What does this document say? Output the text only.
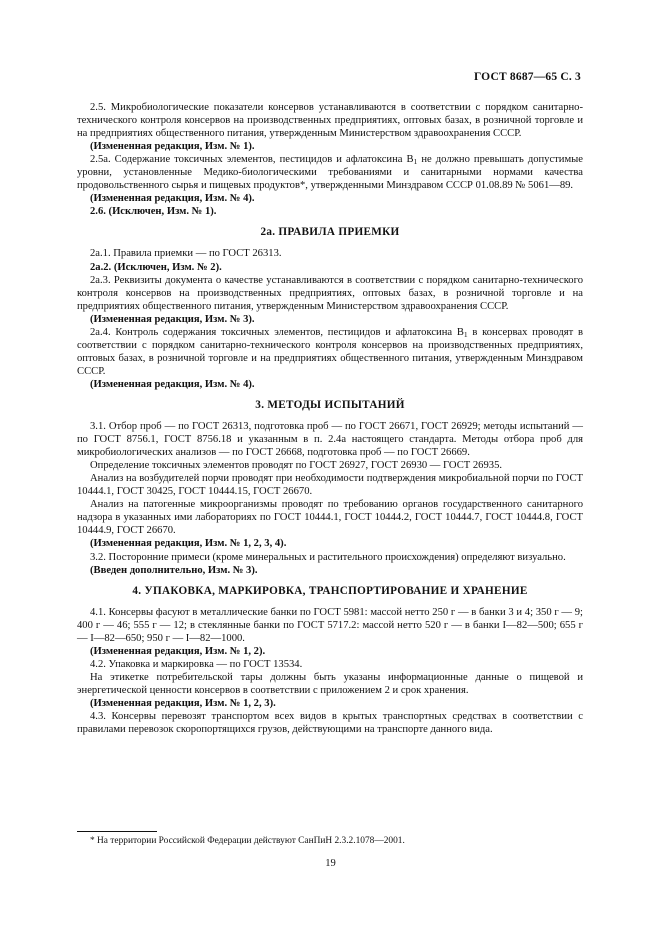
ГОСТ 8687—65 С. 3

2.5. Микробиологические показатели консервов устанавливаются в соответствии с порядком санитарно-технического контроля консервов на производственных предприятиях, оптовых базах, в розничной торговле и на предприятиях общественного питания, утвержденным Министерством здравоохранения СССР.

(Измененная редакция, Изм. № 1).

2.5а. Содержание токсичных элементов, пестицидов и афлатоксина $B_1$ не должно превышать допустимые уровни, установленные Медико-биологическими требованиями и санитарными нормами качества продовольственного сырья и пищевых продуктов*, утвержденными Минздравом СССР 01.08.89 № 5061—89.

(Измененная редакция, Изм. № 4).

2.6. (Исключен, Изм. № 1).

2а. ПРАВИЛА ПРИЕМКИ

2а.1. Правила приемки — по ГОСТ 26313.

2а.2. (Исключен, Изм. № 2).

2а.3. Реквизиты документа о качестве устанавливаются в соответствии с порядком санитарно-технического контроля консервов на производственных предприятиях, оптовых базах, в розничной торговле и на предприятиях общественного питания, утвержденным Министерством здравоохранения СССР.

(Измененная редакция, Изм. № 3).

2а.4. Контроль содержания токсичных элементов, пестицидов и афлатоксина $B_1$ в консервах проводят в соответствии с порядком санитарно-технического контроля консервов на производственных предприятиях, оптовых базах, в розничной торговле и на предприятиях общественного питания, утвержденным Минздравом СССР.

(Измененная редакция, Изм. № 4).

3. МЕТОДЫ ИСПЫТАНИЙ

3.1. Отбор проб — по ГОСТ 26313, подготовка проб — по ГОСТ 26671, ГОСТ 26929; методы испытаний — по ГОСТ 8756.1, ГОСТ 8756.18 и указанным в п. 2.4а настоящего стандарта. Методы отбора проб для микробиологических анализов — по ГОСТ 26668, подготовка проб — по ГОСТ 26669.

Определение токсичных элементов проводят по ГОСТ 26927, ГОСТ 26930 — ГОСТ 26935.

Анализ на возбудителей порчи проводят при необходимости подтверждения микробиальной порчи по ГОСТ 10444.1, ГОСТ 30425, ГОСТ 10444.15, ГОСТ 26670.

Анализ на патогенные микроорганизмы проводят по требованию органов государственного санитарного надзора в указанных ими лабораториях по ГОСТ 10444.1, ГОСТ 10444.2, ГОСТ 10444.7, ГОСТ 10444.8, ГОСТ 10444.9, ГОСТ 26670.

(Измененная редакция, Изм. № 1, 2, 3, 4).

3.2. Посторонние примеси (кроме минеральных и растительного происхождения) определяют визуально.

(Введен дополнительно, Изм. № 3).

4. УПАКОВКА, МАРКИРОВКА, ТРАНСПОРТИРОВАНИЕ И ХРАНЕНИЕ

4.1. Консервы фасуют в металлические банки по ГОСТ 5981: массой нетто 250 г — в банки 3 и 4; 350 г — 9; 400 г — 46; 555 г — 12; в стеклянные банки по ГОСТ 5717.2: массой нетто 520 г — в банки I—82—500; 655 г — I—82—650; 950 г — I—82—1000.

(Измененная редакция, Изм. № 1, 2).

4.2. Упаковка и маркировка — по ГОСТ 13534.

На этикетке потребительской тары должны быть указаны информационные данные о пищевой и энергетической ценности консервов в соответствии с приложением 2 и срок хранения.

(Измененная редакция, Изм. № 1, 2, 3).

4.3. Консервы перевозят транспортом всех видов в крытых транспортных средствах в соответствии с правилами перевозок скоропортящихся грузов, действующими на транспорте данного вида.

* На территории Российской Федерации действуют СанПиН 2.3.2.1078—2001.
19
